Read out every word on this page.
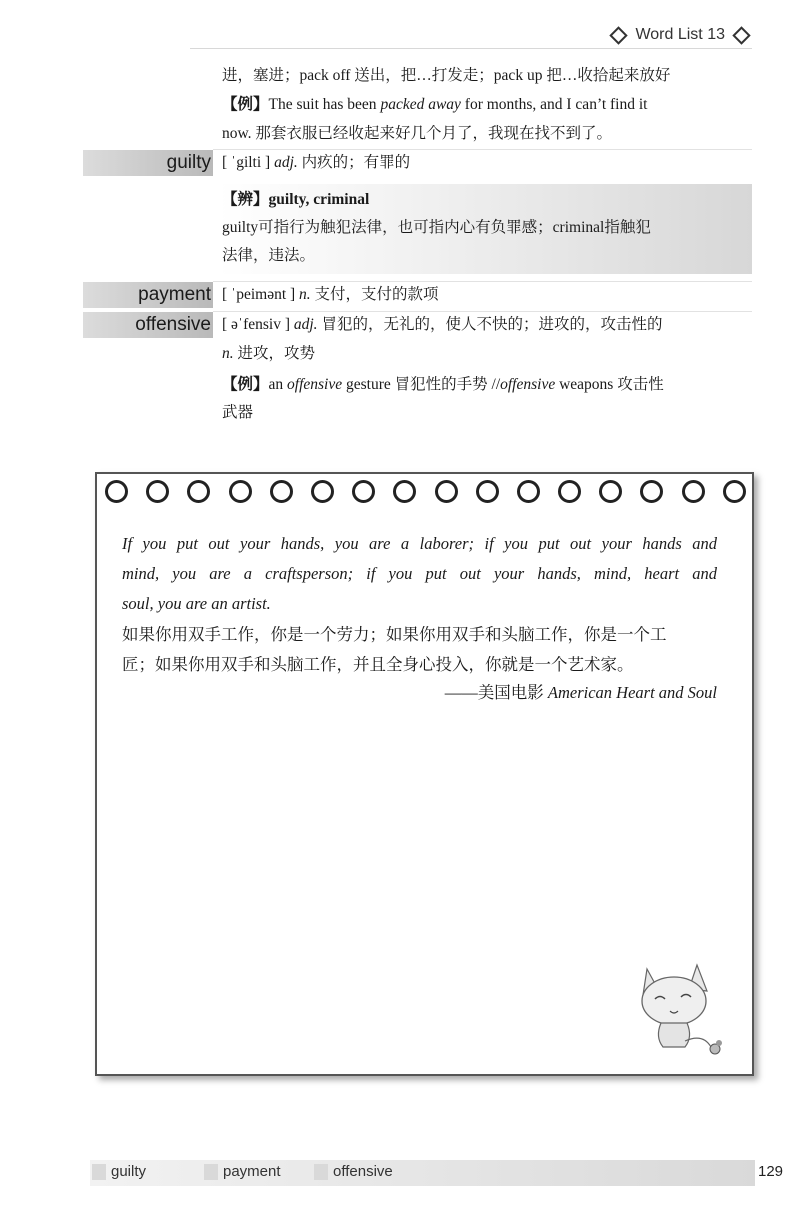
Word List 13
进，塞进；pack off 送出，把…打发走；pack up 把…收拾起来放好
【例】The suit has been packed away for months, and I can’t find it
now. 那套衣服已经收起来好几个月了，我现在找不到了。
guilty [ ˈgilti ] adj. 内疚的；有罪的
【辨】guilty, criminal
guilty可指行为触犯法律，也可指内心有负罪感；criminal指触犯
法律，违法。
payment [ ˈpeimənt ] n. 支付，支付的款项
offensive [ əˈfensiv ] adj. 冒犯的，无礼的，使人不快的；进攻的，攻击性的
n. 进攻，攻势
【例】an offensive gesture 冒犯性的手势 //offensive weapons 攻击性
武器
If you put out your hands, you are a laborer; if you put out your hands and
mind, you are a craftsperson; if you put out your hands, mind, heart and
soul, you are an artist.
如果你用双手工作，你是一个劳力；如果你用双手和头脑工作，你是一个工
匠；如果你用双手和头脑工作，并且全身心投入，你就是一个艺术家。
——美国电影 American Heart and Soul
guilty	payment	offensive	129
